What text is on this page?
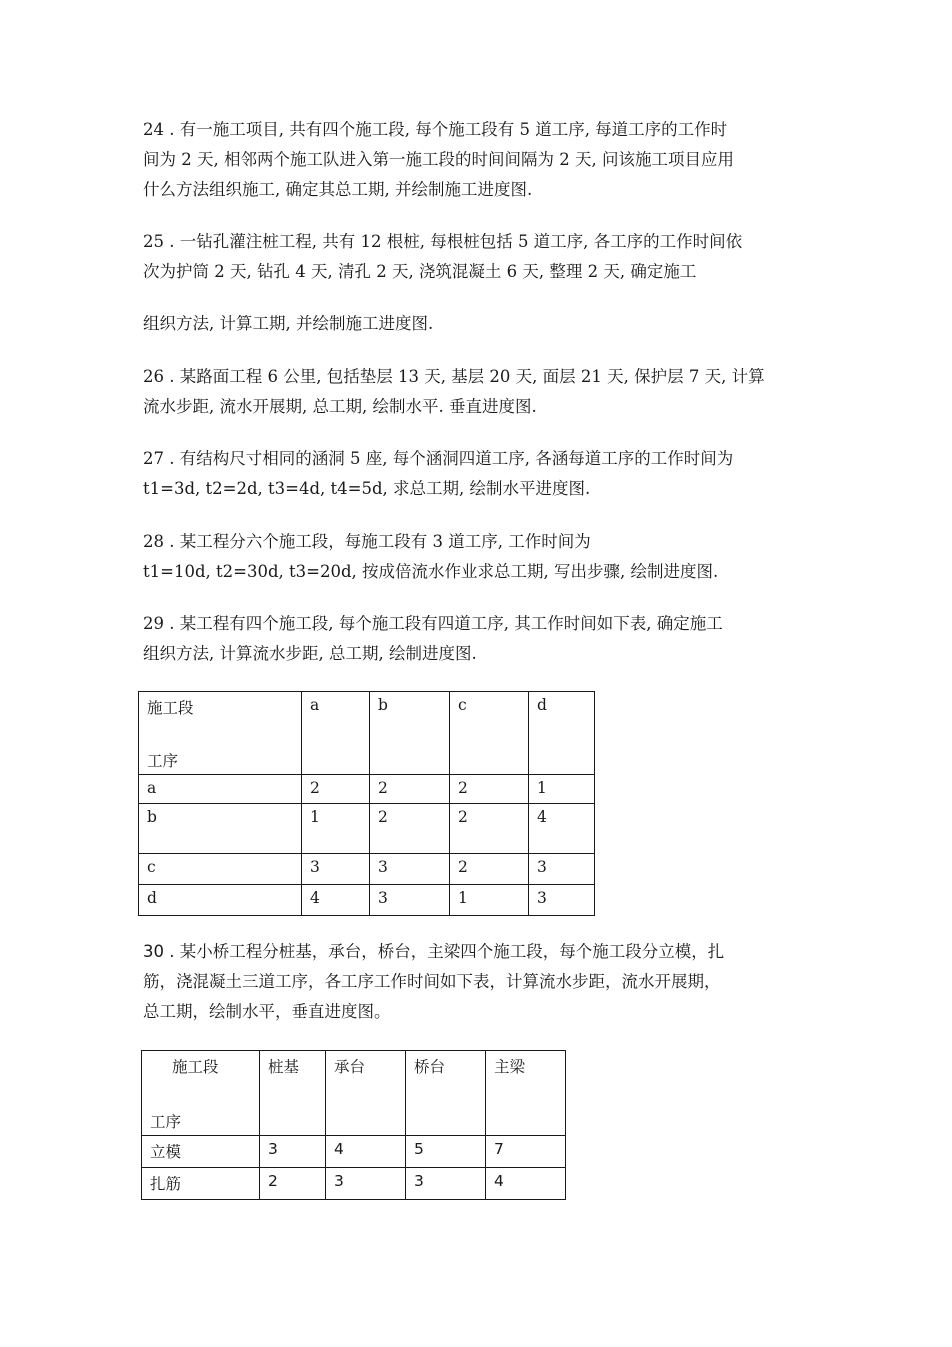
24 . 有一施工项目, 共有四个施工段, 每个施工段有 5 道工序, 每道工序的工作时
间为 2 天, 相邻两个施工队进入第一施工段的时间间隔为 2 天, 问该施工项目应用
什么方法组织施工, 确定其总工期, 并绘制施工进度图.

25 . 一钻孔灌注桩工程, 共有 12 根桩, 每根桩包括 5 道工序, 各工序的工作时间依
次为护筒 2 天, 钻孔 4 天, 清孔 2 天, 浇筑混凝土 6 天, 整理 2 天, 确定施工

组织方法, 计算工期, 并绘制施工进度图.

26 . 某路面工程 6 公里, 包括垫层 13 天, 基层 20 天, 面层 21 天, 保护层 7 天, 计算
流水步距, 流水开展期, 总工期, 绘制水平. 垂直进度图.

27 . 有结构尺寸相同的涵洞 5 座, 每个涵洞四道工序, 各涵每道工序的工作时间为
t1=3d, t2=2d, t3=4d, t4=5d, 求总工期, 绘制水平进度图.

28 . 某工程分六个施工段，每施工段有 3 道工序, 工作时间为
t1=10d, t2=30d, t3=20d, 按成倍流水作业求总工期, 写出步骤, 绘制进度图.

29 . 某工程有四个施工段, 每个施工段有四道工序, 其工作时间如下表, 确定施工
组织方法, 计算流水步距, 总工期, 绘制进度图.

施工段
工序	a	b	c	d
a	2	2	2	1
b	1	2	2	4
c	3	3	2	3
d	4	3	1	3

30 . 某小桥工程分桩基，承台，桥台，主梁四个施工段，每个施工段分立模，扎
筋，浇混凝土三道工序，各工序工作时间如下表，计算流水步距，流水开展期，
总工期，绘制水平，垂直进度图。

施工段
工序	桩基	承台	桥台	主梁
立模	3	4	5	7
扎筋	2	3	3	4
